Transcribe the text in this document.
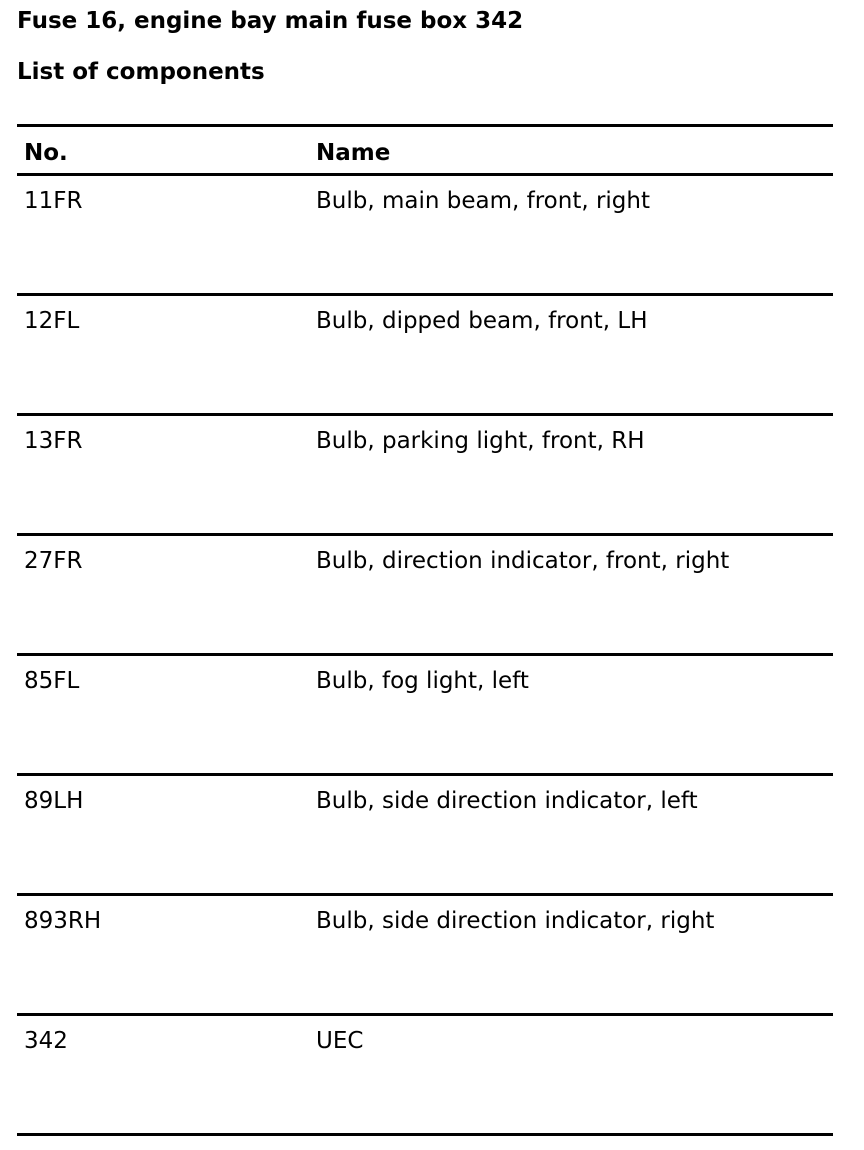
Fuse 16, engine bay main fuse box 342
List of components
No.	Name
11FR	Bulb, main beam, front, right
12FL	Bulb, dipped beam, front, LH
13FR	Bulb, parking light, front, RH
27FR	Bulb, direction indicator, front, right
85FL	Bulb, fog light, left
89LH	Bulb, side direction indicator, left
893RH	Bulb, side direction indicator, right
342	UEC
